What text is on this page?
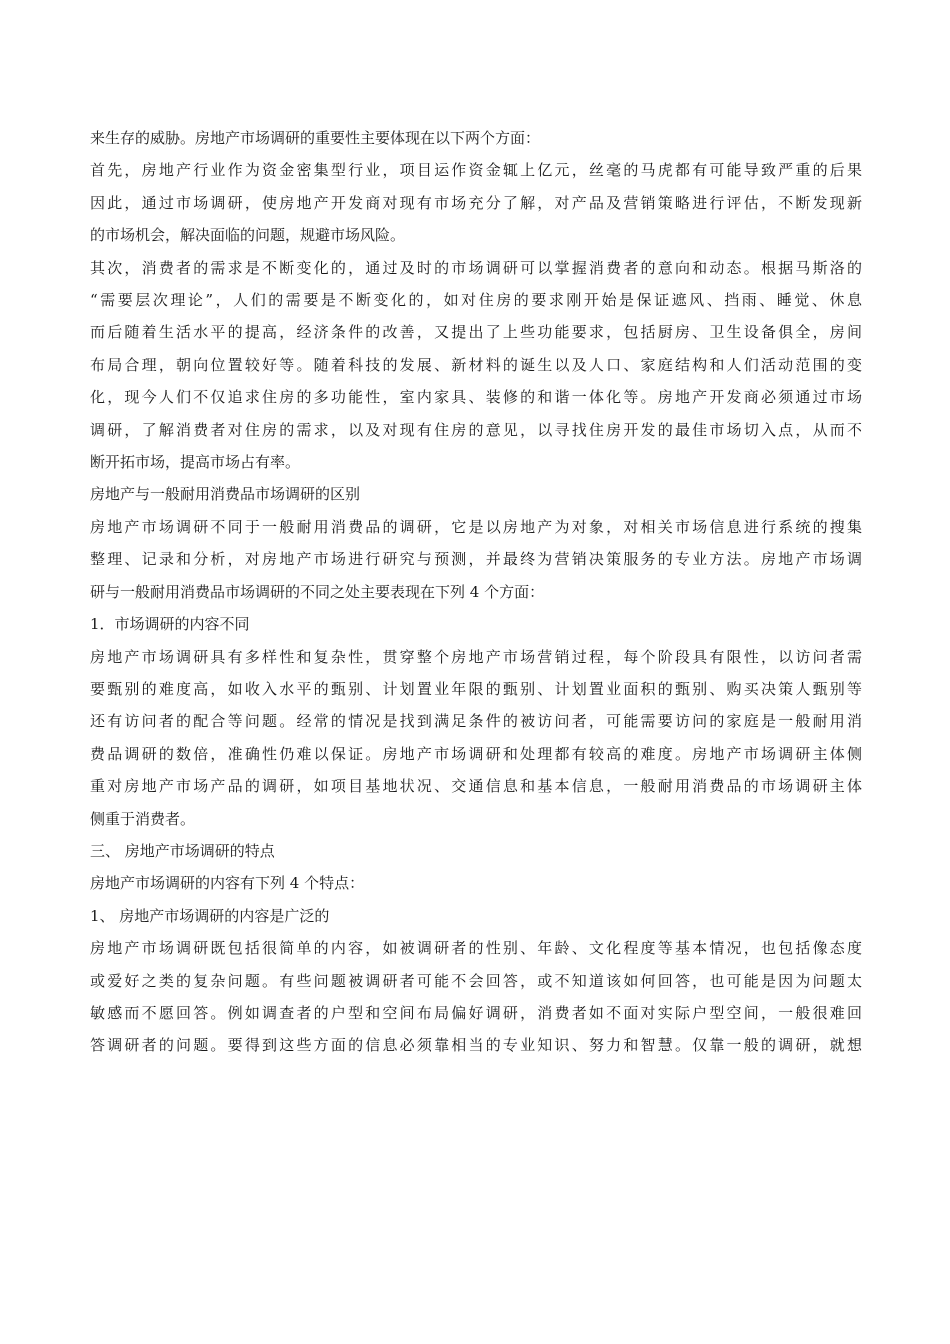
来生存的威胁。房地产市场调研的重要性主要体现在以下两个方面：
首先，房地产行业作为资金密集型行业，项目运作资金辄上亿元，丝毫的马虎都有可能导致严重的后果
因此，通过市场调研，使房地产开发商对现有市场充分了解，对产品及营销策略进行评估，不断发现新
的市场机会，解决面临的问题，规避市场风险。
其次，消费者的需求是不断变化的，通过及时的市场调研可以掌握消费者的意向和动态。根据马斯洛的
“需要层次理论”，人们的需要是不断变化的，如对住房的要求刚开始是保证遮风、挡雨、睡觉、休息
而后随着生活水平的提高，经济条件的改善，又提出了上些功能要求，包括厨房、卫生设备俱全，房间
布局合理，朝向位置较好等。随着科技的发展、新材料的诞生以及人口、家庭结构和人们活动范围的变
化，现今人们不仅追求住房的多功能性，室内家具、装修的和谐一体化等。房地产开发商必须通过市场
调研，了解消费者对住房的需求，以及对现有住房的意见，以寻找住房开发的最佳市场切入点，从而不
断开拓市场，提高市场占有率。
房地产与一般耐用消费品市场调研的区别
房地产市场调研不同于一般耐用消费品的调研，它是以房地产为对象，对相关市场信息进行系统的搜集
整理、记录和分析，对房地产市场进行研究与预测，并最终为营销决策服务的专业方法。房地产市场调
研与一般耐用消费品市场调研的不同之处主要表现在下列 4 个方面：
1．市场调研的内容不同
房地产市场调研具有多样性和复杂性，贯穿整个房地产市场营销过程，每个阶段具有限性，以访问者需
要甄别的难度高，如收入水平的甄别、计划置业年限的甄别、计划置业面积的甄别、购买决策人甄别等
还有访问者的配合等问题。经常的情况是找到满足条件的被访问者，可能需要访问的家庭是一般耐用消
费品调研的数倍，准确性仍难以保证。房地产市场调研和处理都有较高的难度。房地产市场调研主体侧
重对房地产市场产品的调研，如项目基地状况、交通信息和基本信息，一般耐用消费品的市场调研主体
侧重于消费者。
三、 房地产市场调研的特点
房地产市场调研的内容有下列 4 个特点：
1、 房地产市场调研的内容是广泛的
房地产市场调研既包括很简单的内容，如被调研者的性别、年龄、文化程度等基本情况，也包括像态度
或爱好之类的复杂问题。有些问题被调研者可能不会回答，或不知道该如何回答，也可能是因为问题太
敏感而不愿回答。例如调查者的户型和空间布局偏好调研，消费者如不面对实际户型空间，一般很难回
答调研者的问题。要得到这些方面的信息必须靠相当的专业知识、努力和智慧。仅靠一般的调研，就想
